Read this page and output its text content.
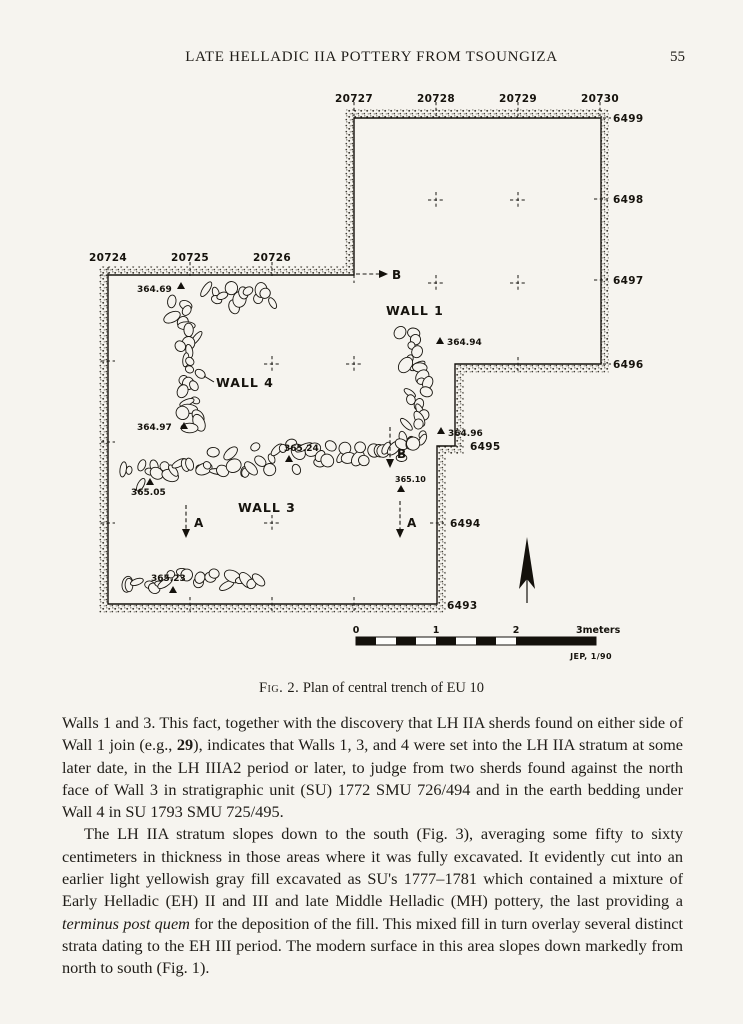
LATE HELLADIC IIA POTTERY FROM TSOUNGIZA	55
20727	20728	20729	20730
20724	20725	20726
6499
6498
6497
6496
6495
6494
6493
WALL 4
WALL 3
WALL 1
B
B
A	A
364.69
364.94
364.96
364.97
365.24
365.05
365.10
365.23
0	1	2	3meters
JEP, 1/90
Fig. 2. Plan of central trench of EU 10

Walls 1 and 3. This fact, together with the discovery that LH IIA sherds found on either side of Wall 1 join (e.g., 29), indicates that Walls 1, 3, and 4 were set into the LH IIA stratum at some later date, in the LH IIIA2 period or later, to judge from two sherds found against the north face of Wall 3 in stratigraphic unit (SU) 1772 SMU 726/494 and in the earth bedding under Wall 4 in SU 1793 SMU 725/495.

The LH IIA stratum slopes down to the south (Fig. 3), averaging some fifty to sixty centimeters in thickness in those areas where it was fully excavated. It evidently cut into an earlier light yellowish gray fill excavated as SU's 1777–1781 which contained a mixture of Early Helladic (EH) II and III and late Middle Helladic (MH) pottery, the last providing a terminus post quem for the deposition of the fill. This mixed fill in turn overlay several distinct strata dating to the EH III period. The modern surface in this area slopes down markedly from north to south (Fig. 1).
